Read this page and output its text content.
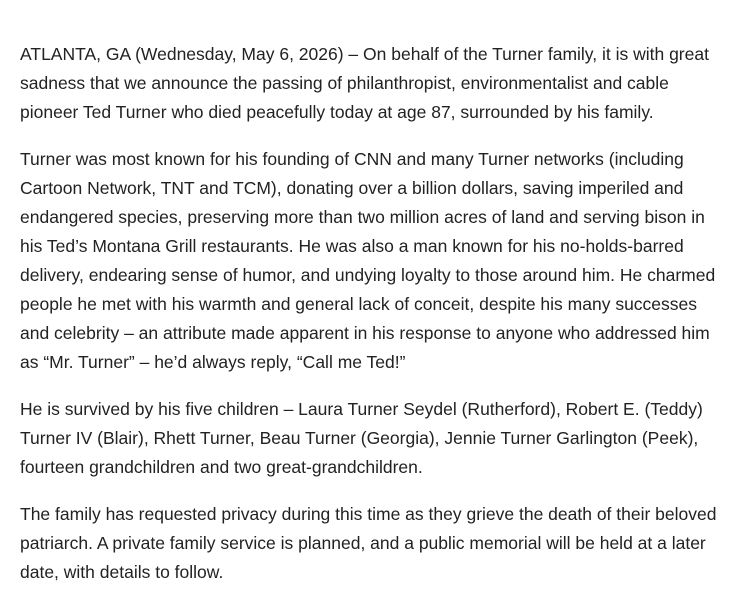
ATLANTA, GA (Wednesday, May 6, 2026) – On behalf of the Turner family, it is with great sadness that we announce the passing of philanthropist, environmentalist and cable pioneer Ted Turner who died peacefully today at age 87, surrounded by his family.

Turner was most known for his founding of CNN and many Turner networks (including Cartoon Network, TNT and TCM), donating over a billion dollars, saving imperiled and endangered species, preserving more than two million acres of land and serving bison in his Ted’s Montana Grill restaurants. He was also a man known for his no-holds-barred delivery, endearing sense of humor, and undying loyalty to those around him. He charmed people he met with his warmth and general lack of conceit, despite his many successes and celebrity – an attribute made apparent in his response to anyone who addressed him as “Mr. Turner” – he’d always reply, “Call me Ted!”

He is survived by his five children – Laura Turner Seydel (Rutherford), Robert E. (Teddy) Turner IV (Blair), Rhett Turner, Beau Turner (Georgia), Jennie Turner Garlington (Peek), fourteen grandchildren and two great-grandchildren.

The family has requested privacy during this time as they grieve the death of their beloved patriarch. A private family service is planned, and a public memorial will be held at a later date, with details to follow.
